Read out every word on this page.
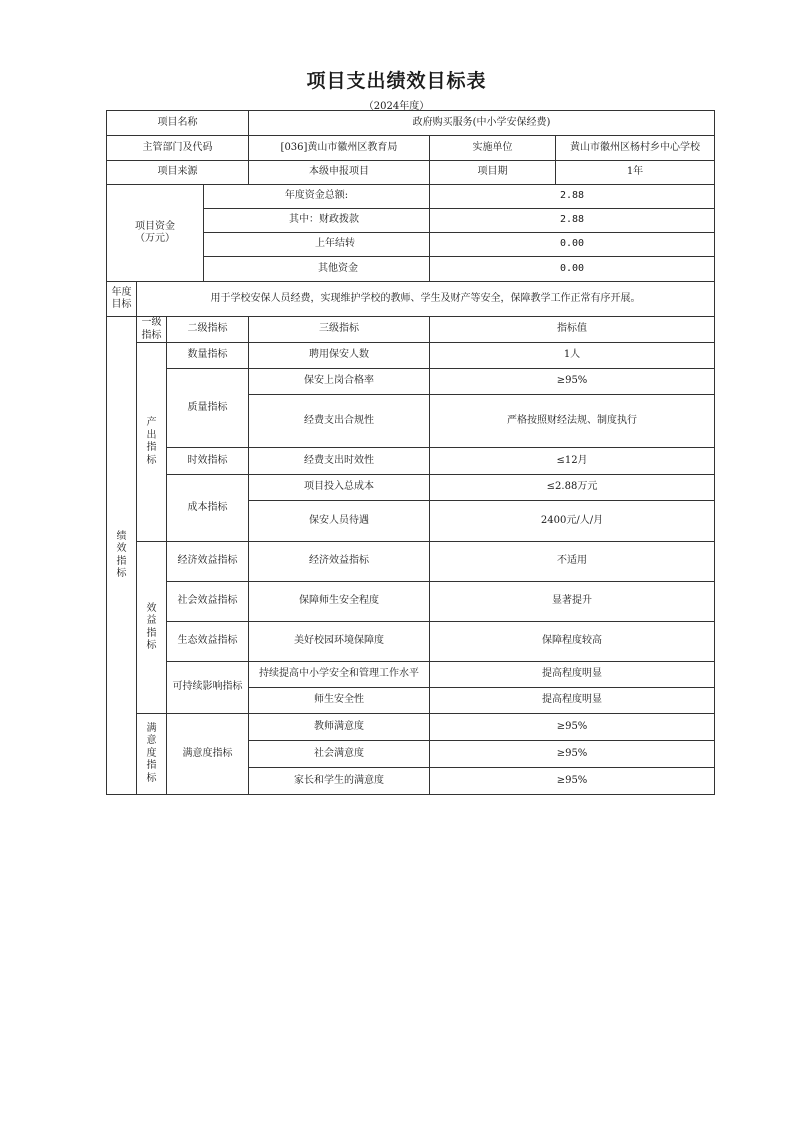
项目支出绩效目标表
（2024年度）
项目名称				政府购买服务(中小学安保经费)		
主管部门及代码				[036]黄山市徽州区教育局	实施单位	黄山市徽州区杨村乡中心学校
项目来源				本级申报项目	项目期	1年

项目资金
（万元）			年度资金总额:		2.88	
			其中：财政拨款		2.88	
			上年结转		0.00	
			其他资金		0.00	
年度目标	用于学校安保人员经费，实现维护学校的教师、学生及财产等安全，保障教学工作正常有序开展。					
绩效指标	一级指标	二级指标		三级指标	指标值	
	产出指标	数量指标		聘用保安人数	1人	
		质量指标		保安上岗合格率	≥95%	
				经费支出合规性	严格按照财经法规、制度执行	
		时效指标		经费支出时效性	≤12月	
		成本指标		项目投入总成本	≤2.88万元	
				保安人员待遇	2400元/人/月	

	效益指标	经济效益指标		经济效益指标	不适用	
		社会效益指标		保障师生安全程度	显著提升	
		生态效益指标		美好校园环境保障度	保障程度较高	
		可持续影响指标		持续提高中小学安全和管理工作水平	提高程度明显	
				师生安全性	提高程度明显	
	满意度指标	满意度指标		教师满意度	≥95%	
				社会满意度	≥95%	
				家长和学生的满意度	≥95%	
